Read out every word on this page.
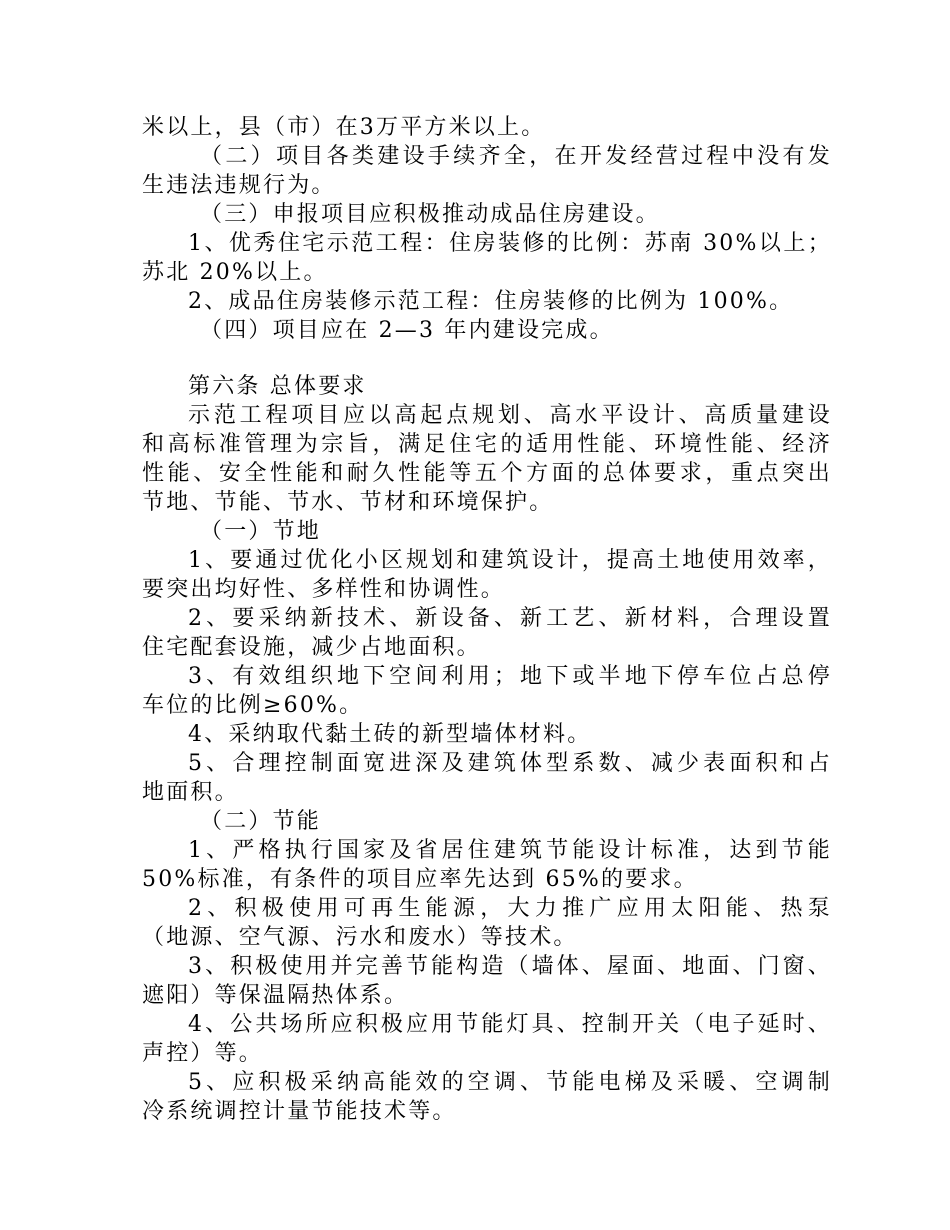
米以上，县（市）在3万平方米以上。
（二）项目各类建设手续齐全，在开发经营过程中没有发
生违法违规行为。
（三）申报项目应积极推动成品住房建设。
1、优秀住宅示范工程：住房装修的比例：苏南 30%以上；
苏北 20%以上。
2、成品住房装修示范工程：住房装修的比例为 100%。
（四）项目应在 2—3 年内建设完成。
第六条 总体要求
示范工程项目应以高起点规划、高水平设计、高质量建设
和高标准管理为宗旨，满足住宅的适用性能、环境性能、经济
性能、安全性能和耐久性能等五个方面的总体要求，重点突出
节地、节能、节水、节材和环境保护。
（一）节地
1、要通过优化小区规划和建筑设计，提高土地使用效率，
要突出均好性、多样性和协调性。
2、要采纳新技术、新设备、新工艺、新材料，合理设置
住宅配套设施，减少占地面积。
3、有效组织地下空间利用；地下或半地下停车位占总停
车位的比例≥60%。
4、采纳取代黏土砖的新型墙体材料。
5、合理控制面宽进深及建筑体型系数、减少表面积和占
地面积。
（二）节能
1、严格执行国家及省居住建筑节能设计标准，达到节能
50%标准，有条件的项目应率先达到 65%的要求。
2、积极使用可再生能源，大力推广应用太阳能、热泵
（地源、空气源、污水和废水）等技术。
3、积极使用并完善节能构造（墙体、屋面、地面、门窗、
遮阳）等保温隔热体系。
4、公共场所应积极应用节能灯具、控制开关（电子延时、
声控）等。
5、应积极采纳高能效的空调、节能电梯及采暖、空调制
冷系统调控计量节能技术等。
